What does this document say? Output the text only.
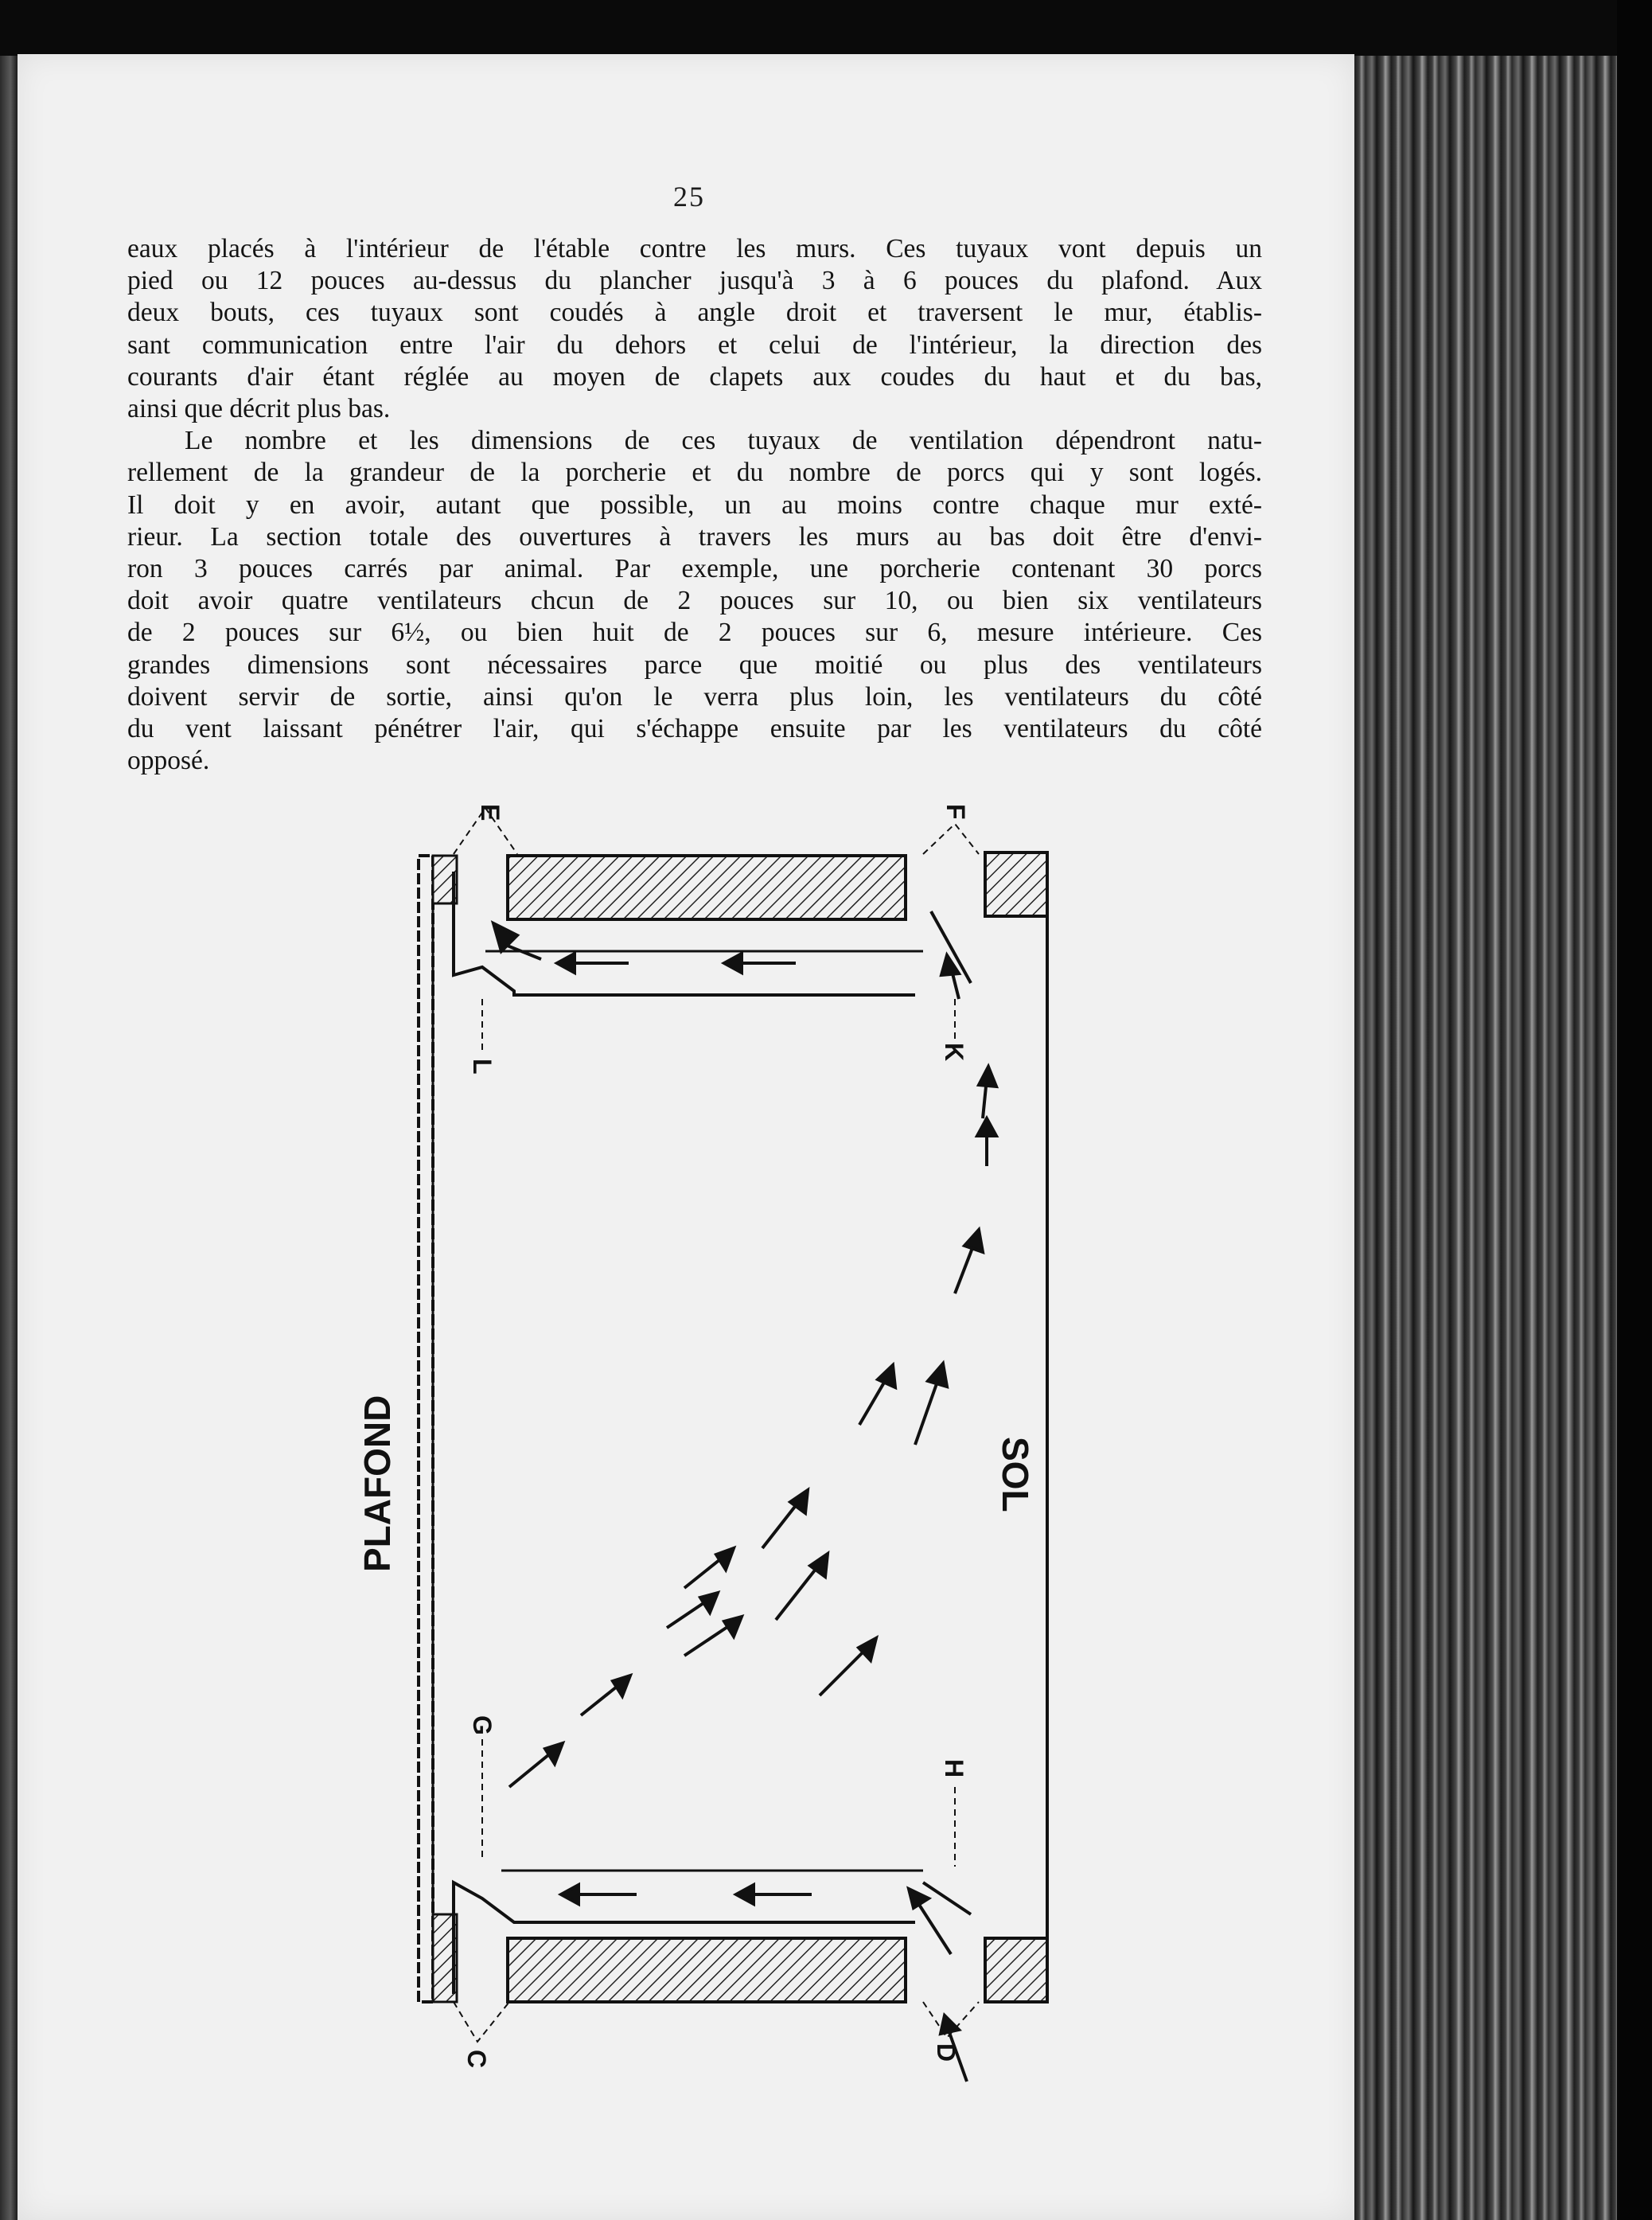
25
eaux placés à l'intérieur de l'étable contre les murs. Ces tuyaux vont depuis un
pied ou 12 pouces au-dessus du plancher jusqu'à 3 à 6 pouces du plafond. Aux
deux bouts, ces tuyaux sont coudés à angle droit et traversent le mur, établis-
sant communication entre l'air du dehors et celui de l'intérieur, la direction des
courants d'air étant réglée au moyen de clapets aux coudes du haut et du bas,
ainsi que décrit plus bas.
Le nombre et les dimensions de ces tuyaux de ventilation dépendront natu-
rellement de la grandeur de la porcherie et du nombre de porcs qui y sont logés.
Il doit y en avoir, autant que possible, un au moins contre chaque mur exté-
rieur. La section totale des ouvertures à travers les murs au bas doit être d'envi-
ron 3 pouces carrés par animal. Par exemple, une porcherie contenant 30 porcs
doit avoir quatre ventilateurs chcun de 2 pouces sur 10, ou bien six ventilateurs
de 2 pouces sur 6½, ou bien huit de 2 pouces sur 6, mesure intérieure. Ces
grandes dimensions sont nécessaires parce que moitié ou plus des ventilateurs
doivent servir de sortie, ainsi qu'on le verra plus loin, les ventilateurs du côté
du vent laissant pénétrer l'air, qui s'échappe ensuite par les ventilateurs du côté
opposé.
PLAFOND	SOL
E	F
L
K
G
H
C	D
